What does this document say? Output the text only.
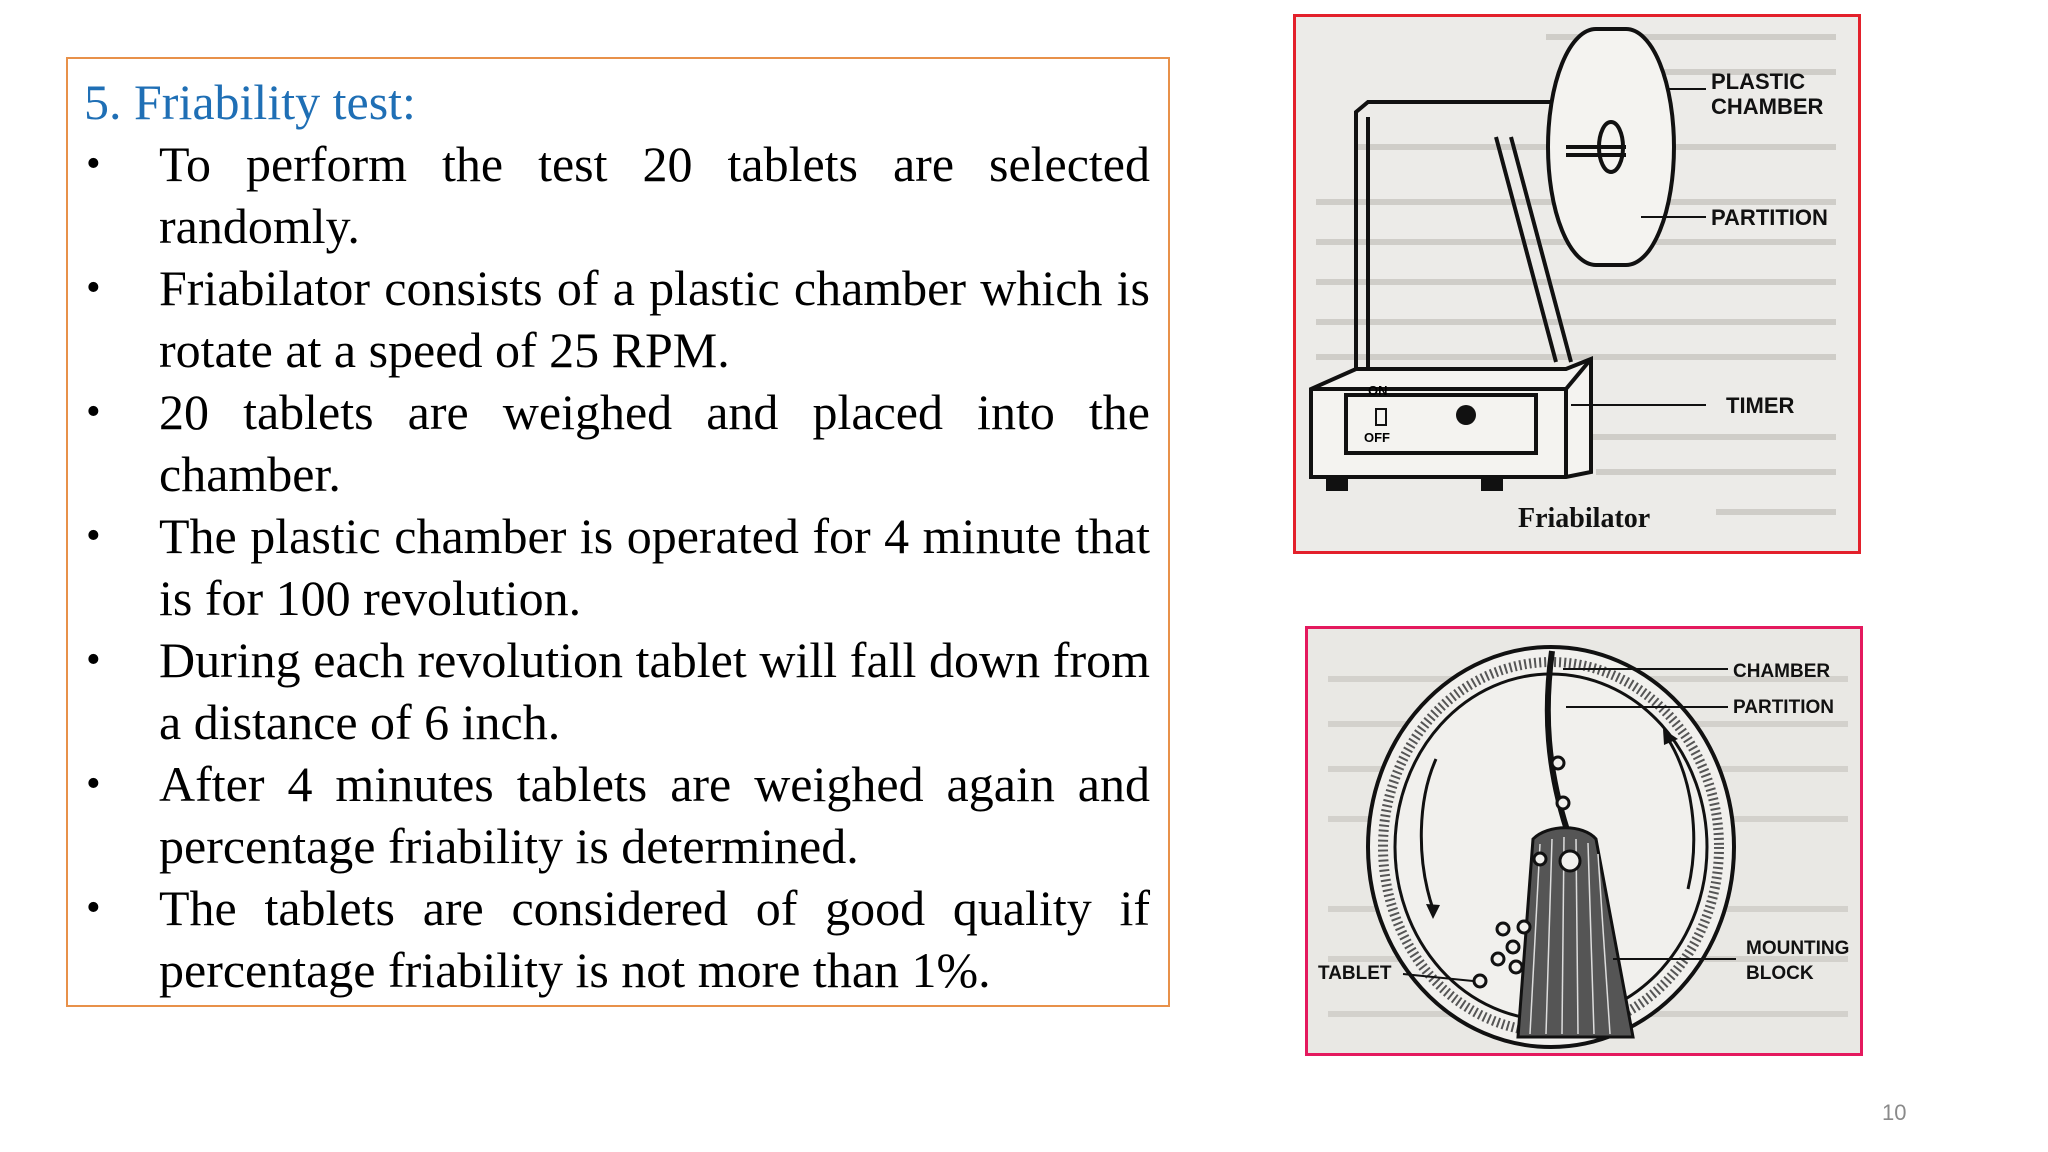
5. Friability test:
• To perform the test 20 tablets are selected randomly.
• Friabilator consists of a plastic chamber which is rotate at a speed of 25 RPM.
• 20 tablets are weighed and placed into the chamber.
• The plastic chamber is operated for 4 minute that is for 100 revolution.
• During each revolution tablet will fall down from a distance of 6 inch.
• After 4 minutes tablets are weighed again and percentage friability is determined.
• The tablets are considered of good quality if percentage friability is not more than 1%.
ON
OFF
PLASTIC
CHAMBER
PARTITION
TIMER
Friabilator
CHAMBER
PARTITION
TABLET
MOUNTING
BLOCK
10
